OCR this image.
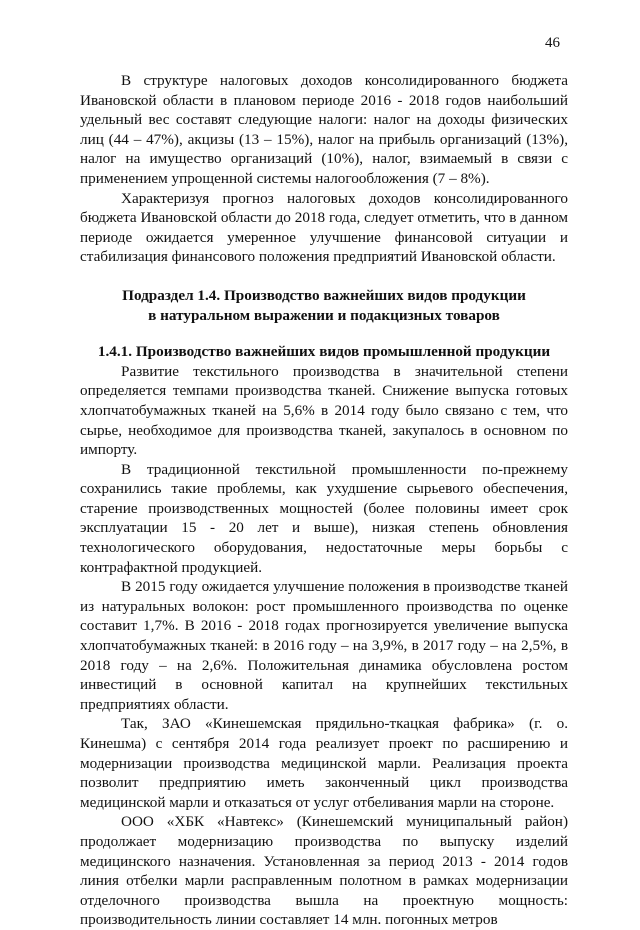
46

В структуре налоговых доходов консолидированного бюджета Ивановской области в плановом периоде 2016 - 2018 годов наибольший удельный вес составят следующие налоги: налог на доходы физических лиц (44 – 47%), акцизы (13 – 15%), налог на прибыль организаций (13%), налог на имущество организаций (10%), налог, взимаемый в связи с применением упрощенной системы налогообложения (7 – 8%).

Характеризуя прогноз налоговых доходов консолидированного бюджета Ивановской области до 2018 года, следует отметить, что в данном периоде ожидается умеренное улучшение финансовой ситуации и стабилизация финансового положения предприятий Ивановской области.

Подраздел 1.4. Производство важнейших видов продукции
в натуральном выражении и подакцизных товаров
1.4.1. Производство важнейших видов промышленной продукции

Развитие текстильного производства в значительной степени определяется темпами производства тканей. Снижение выпуска готовых хлопчатобумажных тканей на 5,6% в 2014 году было связано с тем, что сырье, необходимое для производства тканей, закупалось в основном по импорту.

В традиционной текстильной промышленности по-прежнему сохранились такие проблемы, как ухудшение сырьевого обеспечения, старение производственных мощностей (более половины имеет срок эксплуатации 15 - 20 лет и выше), низкая степень обновления технологического оборудования, недостаточные меры борьбы с контрафактной продукцией.

В 2015 году ожидается улучшение положения в производстве тканей из натуральных волокон: рост промышленного производства по оценке составит 1,7%. В 2016 - 2018 годах прогнозируется увеличение выпуска хлопчатобумажных тканей: в 2016 году – на 3,9%, в 2017 году – на 2,5%, в 2018 году – на 2,6%. Положительная динамика обусловлена ростом инвестиций в основной капитал на крупнейших текстильных предприятиях области.

Так, ЗАО «Кинешемская прядильно-ткацкая фабрика» (г. о. Кинешма) с сентября 2014 года реализует проект по расширению и модернизации производства медицинской марли. Реализация проекта позволит предприятию иметь законченный цикл производства медицинской марли и отказаться от услуг отбеливания марли на стороне.

ООО «ХБК «Навтекс» (Кинешемский муниципальный район) продолжает модернизацию производства по выпуску изделий медицинского назначения. Установленная за период 2013 - 2014 годов линия отбелки марли расправленным полотном в рамках модернизации отделочного производства вышла на проектную мощность: производительность линии составляет 14 млн. погонных метров
